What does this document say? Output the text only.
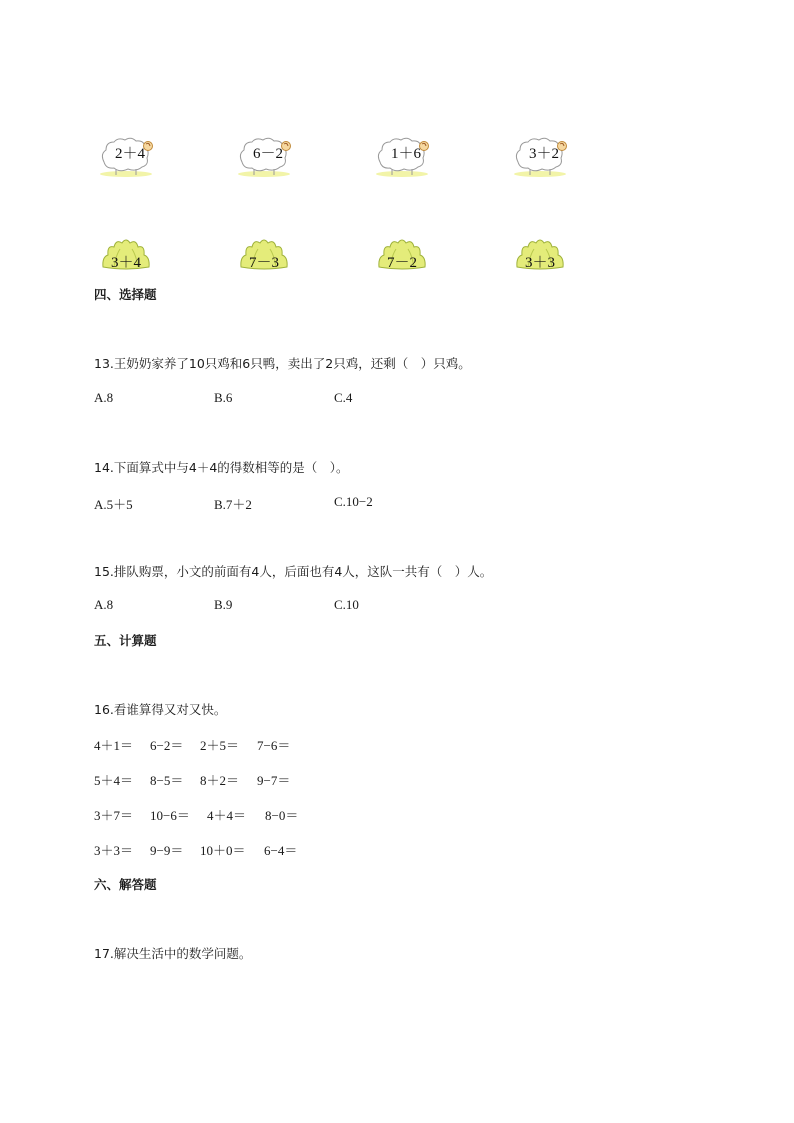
2＋4	6－2	1＋6	3＋2
3＋4	7－3	7－2	3＋3
四、选择题
13.王奶奶家养了10只鸡和6只鸭，卖出了2只鸡，还剩（　）只鸡。
A.8	B.6	C.4
14.下面算式中与4＋4的得数相等的是（　）。
A.5＋5	B.7＋2	C.10−2
15.排队购票，小文的前面有4人，后面也有4人，这队一共有（　）人。
A.8	B.9	C.10
五、计算题
16.看谁算得又对又快。
4＋1＝ 6−2＝ 2＋5＝ 7−6＝
5＋4＝ 8−5＝ 8＋2＝ 9−7＝
3＋7＝ 10−6＝ 4＋4＝ 8−0＝
3＋3＝ 9−9＝ 10＋0＝ 6−4＝
六、解答题
17.解决生活中的数学问题。
